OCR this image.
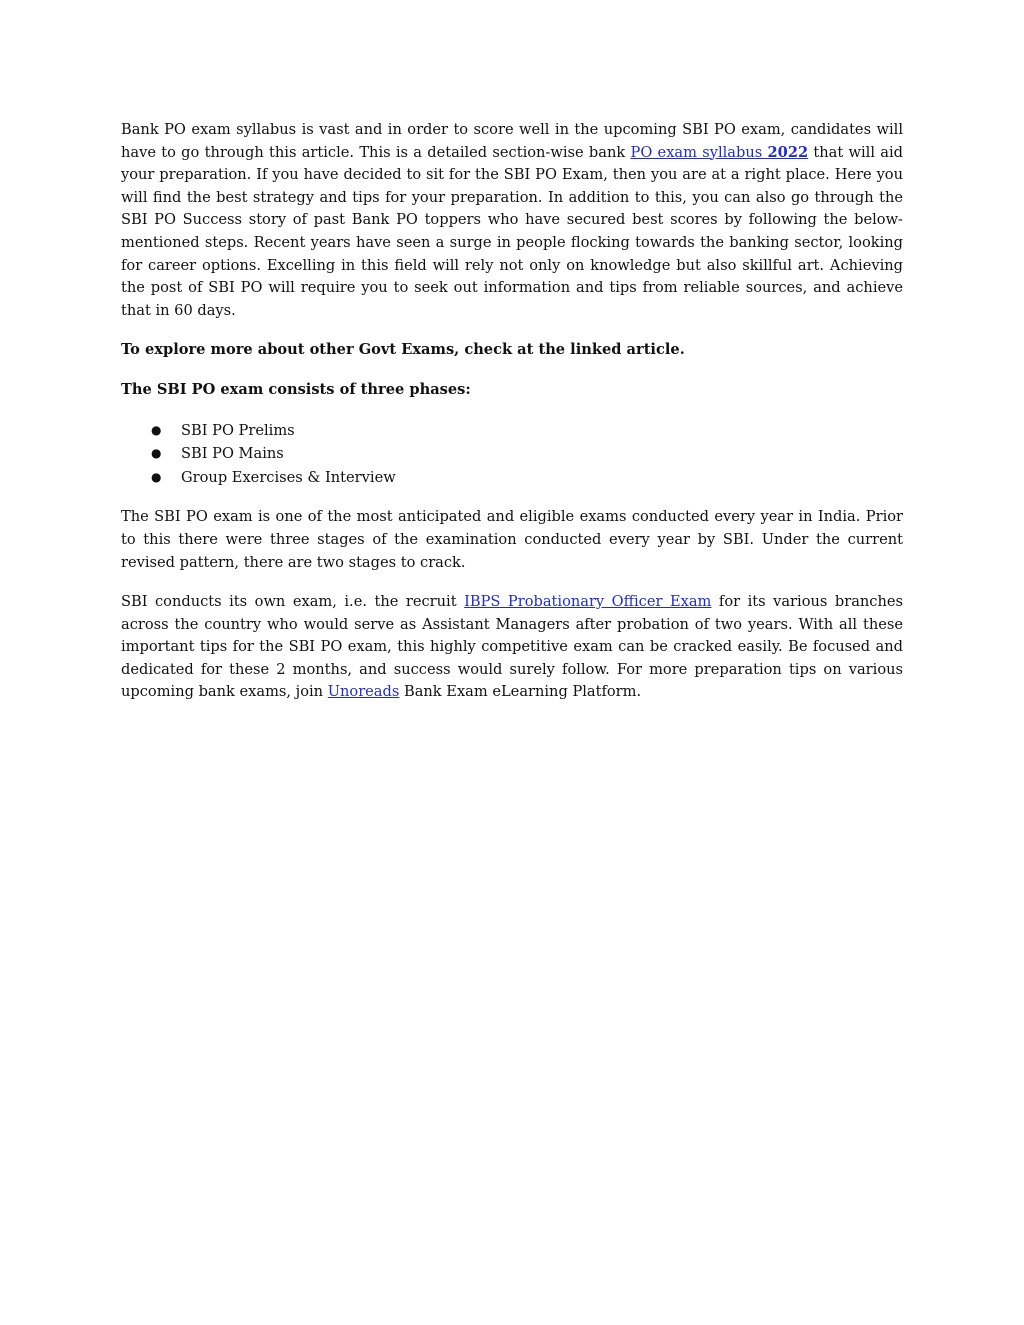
Bank PO exam syllabus is vast and in order to score well in the upcoming SBI PO exam, candidates will have to go through this article. This is a detailed section-wise bank PO exam syllabus 2022 that will aid your preparation. If you have decided to sit for the SBI PO Exam, then you are at a right place. Here you will find the best strategy and tips for your preparation. In addition to this, you can also go through the SBI PO Success story of past Bank PO toppers who have secured best scores by following the below-mentioned steps. Recent years have seen a surge in people flocking towards the banking sector, looking for career options. Excelling in this field will rely not only on knowledge but also skillful art. Achieving the post of SBI PO will require you to seek out information and tips from reliable sources, and achieve that in 60 days.

To explore more about other Govt Exams, check at the linked article.

The SBI PO exam consists of three phases:

● SBI PO Prelims
● SBI PO Mains
● Group Exercises & Interview

The SBI PO exam is one of the most anticipated and eligible exams conducted every year in India. Prior to this there were three stages of the examination conducted every year by SBI. Under the current revised pattern, there are two stages to crack.

SBI conducts its own exam, i.e. the recruit IBPS Probationary Officer Exam for its various branches across the country who would serve as Assistant Managers after probation of two years. With all these important tips for the SBI PO exam, this highly competitive exam can be cracked easily. Be focused and dedicated for these 2 months, and success would surely follow. For more preparation tips on various upcoming bank exams, join Unoreads Bank Exam eLearning Platform.
